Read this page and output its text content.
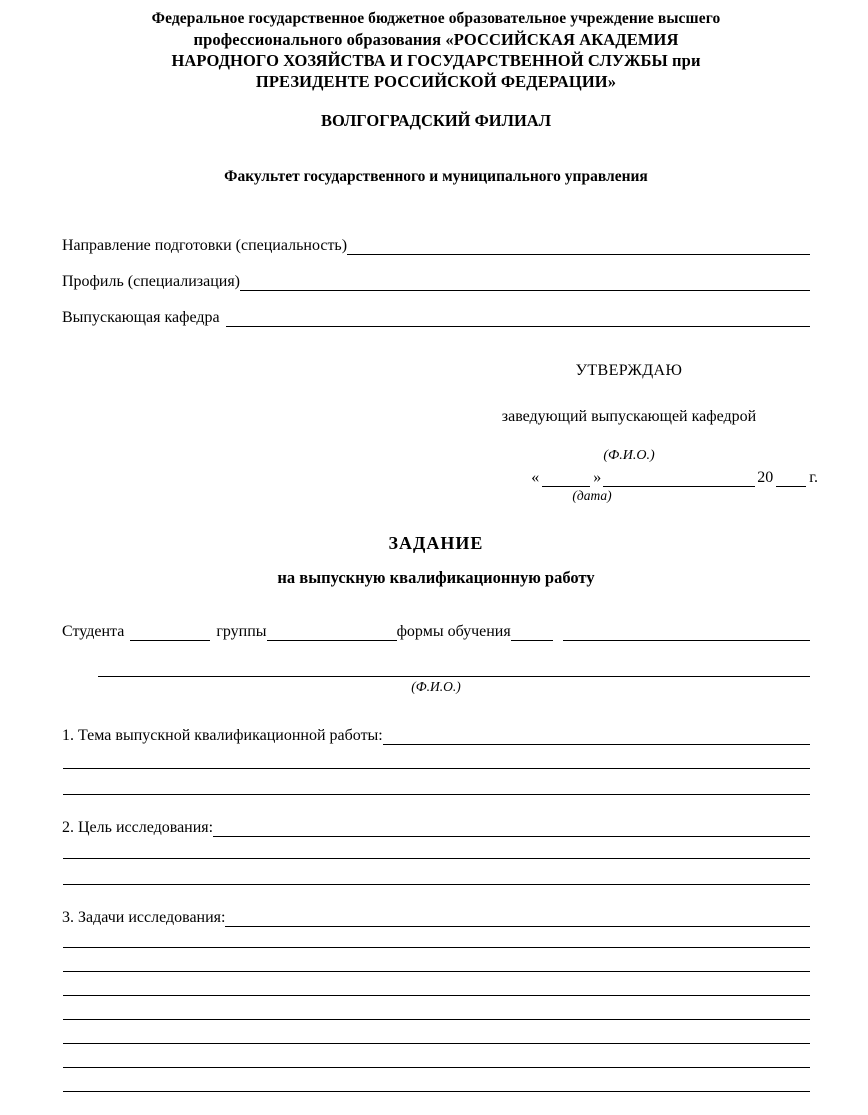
Федеральное государственное бюджетное образовательное учреждение высшего
профессионального образования «РОССИЙСКАЯ АКАДЕМИЯ
НАРОДНОГО ХОЗЯЙСТВА И ГОСУДАРСТВЕННОЙ СЛУЖБЫ при
ПРЕЗИДЕНТЕ РОССИЙСКОЙ ФЕДЕРАЦИИ»
ВОЛГОГРАДСКИЙ ФИЛИАЛ
Факультет государственного и муниципального управления
Направление подготовки (специальность)
Профиль (специализация)
Выпускающая кафедра
УТВЕРЖДАЮ
заведующий выпускающей кафедрой
(Ф.И.О.)
«	»	20 г.
(дата)
ЗАДАНИЕ
на выпускную квалификационную работу
Студента	группы	формы обучения
(Ф.И.О.)
1. Тема выпускной квалификационной работы:
2. Цель исследования:
3. Задачи исследования:
